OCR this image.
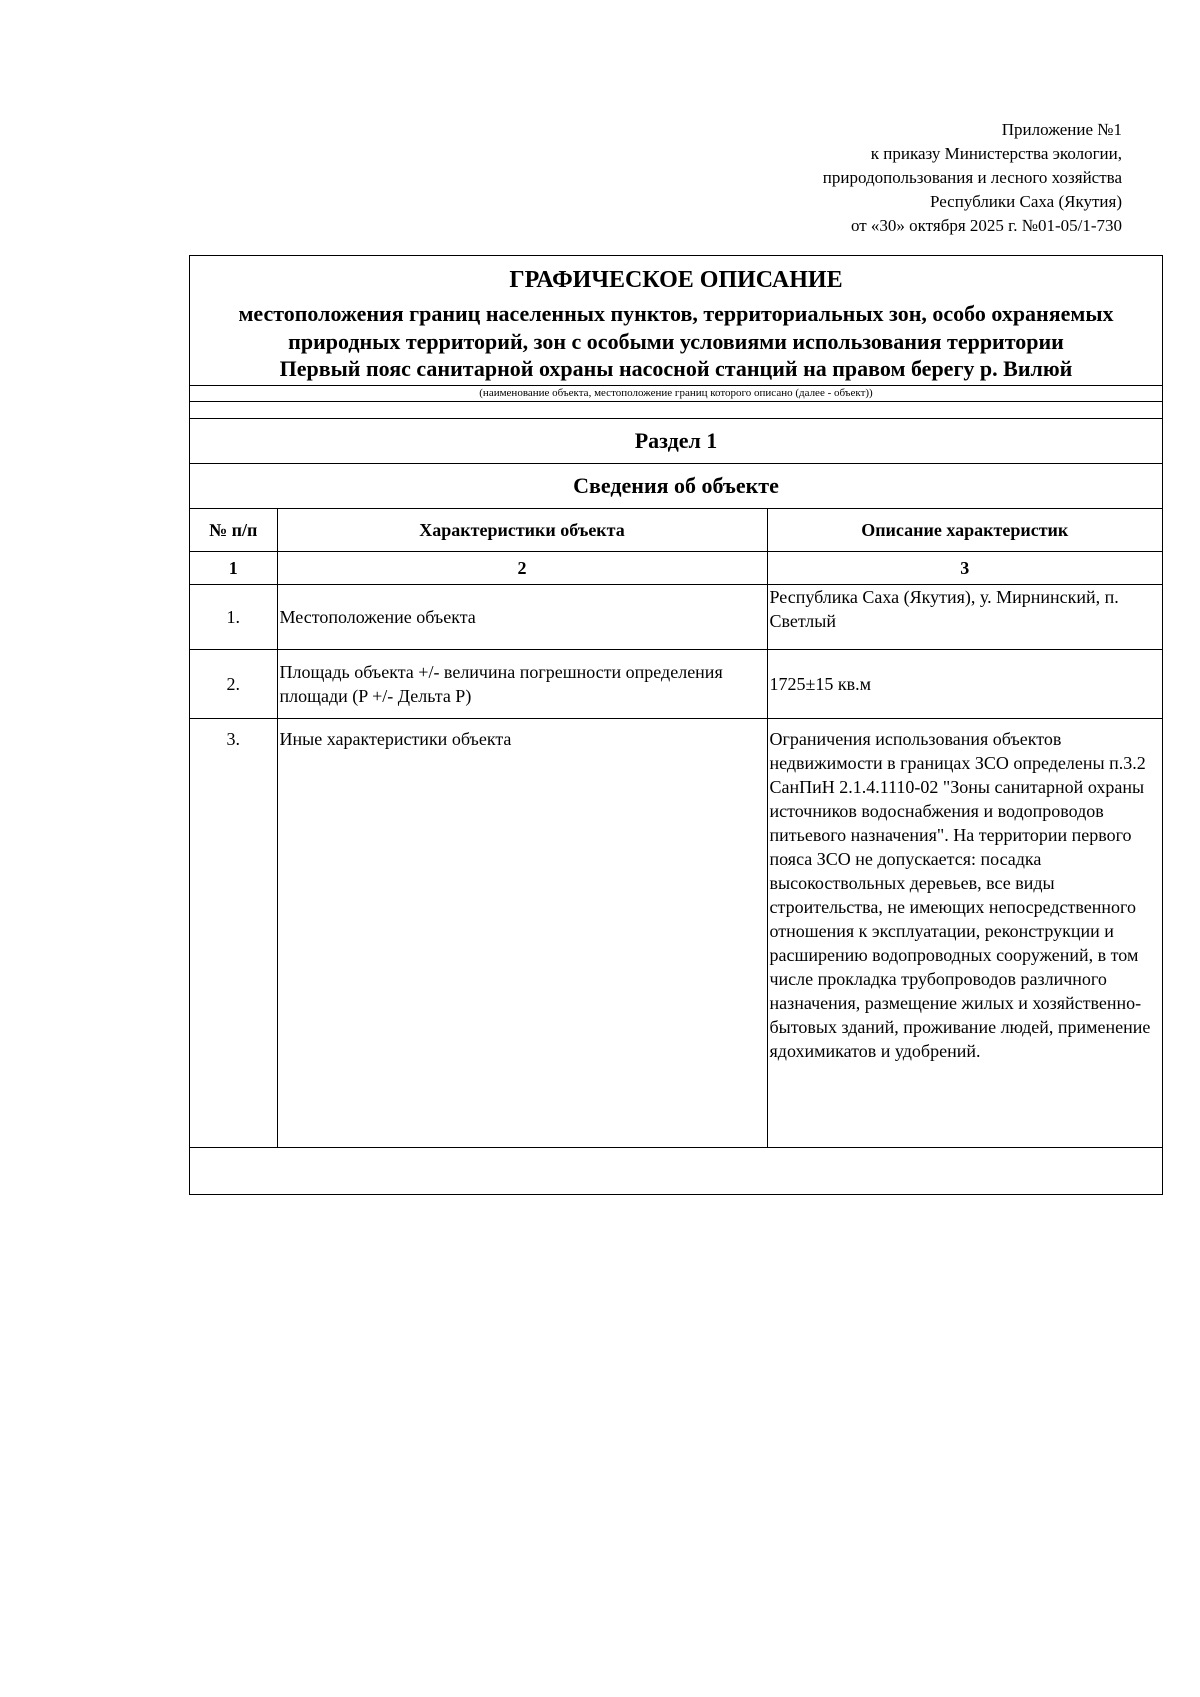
Приложение №1
к приказу Министерства экологии,
природопользования и лесного хозяйства
Республики Саха (Якутия)
от «30» октября 2025 г. №01-05/1-730
ГРАФИЧЕСКОЕ ОПИСАНИЕ
местоположения границ населенных пунктов, территориальных зон, особо охраняемых природных территорий, зон с особыми условиями использования территории
Первый пояс санитарной охраны насосной станций на правом берегу р. Вилюй
(наименование объекта, местоположение границ которого описано (далее - объект))
Раздел 1
Сведения об объекте
№ п/п	Характеристики объекта	Описание характеристик
1	2	3
1.	Местоположение объекта	Республика Саха (Якутия), у. Мирнинский, п. Светлый
2.	Площадь объекта +/- величина погрешности определения площади (P +/- Дельта P)	1725±15 кв.м
3.	Иные характеристики объекта	Ограничения использования объектов недвижимости в границах ЗСО определены п.3.2 СанПиН 2.1.4.1110-02 "Зоны санитарной охраны источников водоснабжения и водопроводов питьевого назначения". На территории первого пояса ЗСО не допускается: посадка высокоствольных деревьев, все виды строительства, не имеющих непосредственного отношения к эксплуатации, реконструкции и расширению водопроводных сооружений, в том числе прокладка трубопроводов различного назначения, размещение жилых и хозяйственно-бытовых зданий, проживание людей, применение ядохимикатов и удобрений.
